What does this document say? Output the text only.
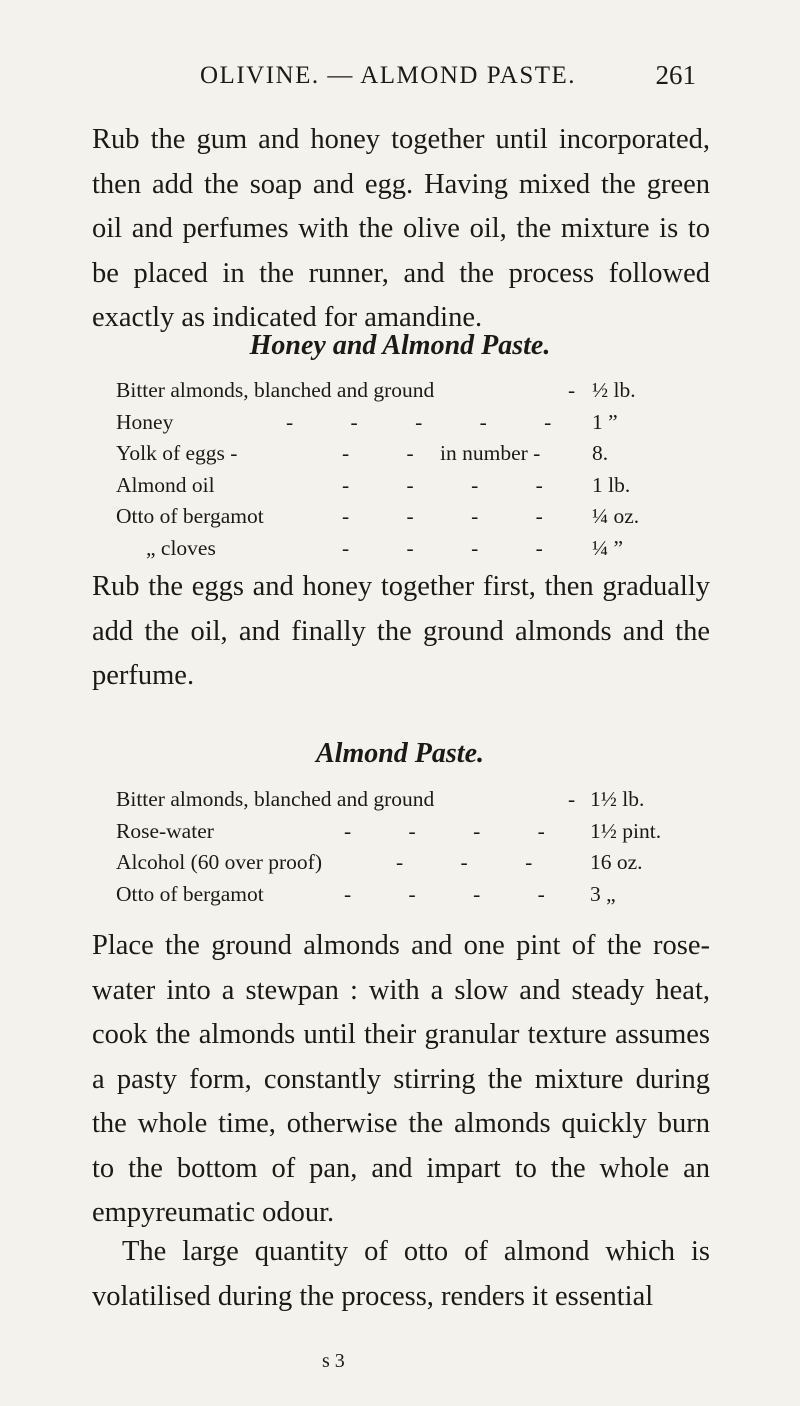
OLIVINE. — ALMOND PASTE.	261

Rub the gum and honey together until incorporated, then add the soap and egg. Having mixed the green oil and perfumes with the olive oil, the mixture is to be placed in the runner, and the process followed exactly as indicated for amandine.

Honey and Almond Paste.
Bitter almonds, blanched and ground	- ½ lb.
Honey	- - - - - 1 ”
Yolk of eggs -	- - in number - 8.
Almond oil	- - - - 1 lb.
Otto of bergamot	- - - - ¼ oz.
„ cloves	- - - - ¼ ”

Rub the eggs and honey together first, then gradually add the oil, and finally the ground almonds and the perfume.

Almond Paste.
Bitter almonds, blanched and ground	- 1½ lb.
Rose-water	- - - - 1½ pint.
Alcohol (60 over proof)	- - -	16 oz.
Otto of bergamot	- - - - 3 „

Place the ground almonds and one pint of the rosewater into a stewpan : with a slow and steady heat, cook the almonds until their granular texture assumes a pasty form, constantly stirring the mixture during the whole time, otherwise the almonds quickly burn to the bottom of pan, and impart to the whole an empyreumatic odour.

The large quantity of otto of almond which is volatilised during the process, renders it essential

s 3
